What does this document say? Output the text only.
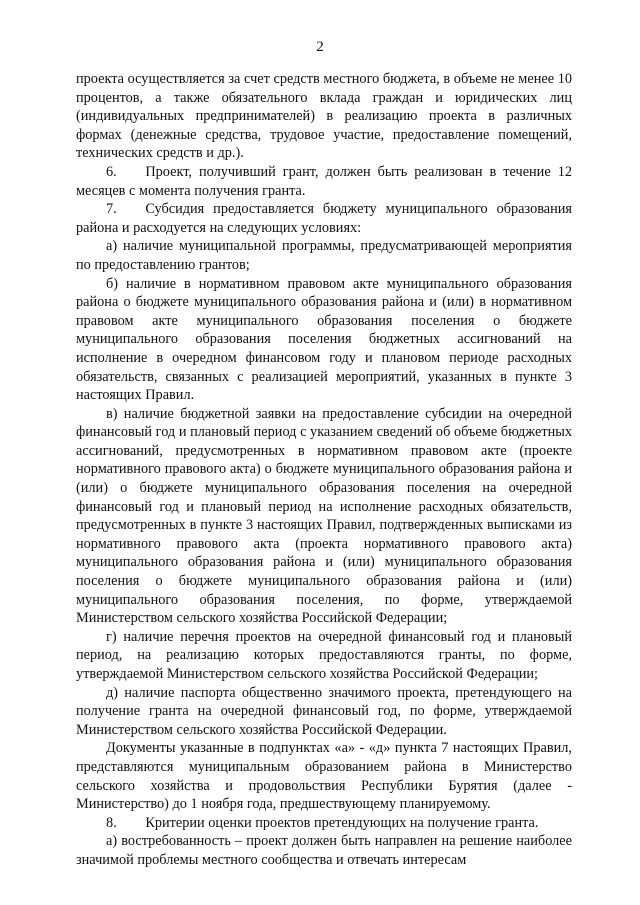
2

проекта осуществляется за счет средств местного бюджета, в объеме не менее 10 процентов, а также обязательного вклада граждан и юридических лиц (индивидуальных предпринимателей) в реализацию проекта в различных формах (денежные средства, трудовое участие, предоставление помещений, технических средств и др.).

6.  Проект, получивший грант, должен быть реализован в течение 12 месяцев с момента получения гранта.

7.  Субсидия предоставляется бюджету муниципального образования района и расходуется на следующих условиях:

а) наличие муниципальной программы, предусматривающей мероприятия по предоставлению грантов;

б) наличие в нормативном правовом акте муниципального образования района о бюджете муниципального образования района и (или) в нормативном правовом акте муниципального образования поселения о бюджете муниципального образования поселения бюджетных ассигнований на исполнение в очередном финансовом году и плановом периоде расходных обязательств, связанных с реализацией мероприятий, указанных в пункте 3 настоящих Правил.

в) наличие бюджетной заявки на предоставление субсидии на очередной финансовый год и плановый период с указанием сведений об объеме бюджетных ассигнований, предусмотренных в нормативном правовом акте (проекте нормативного правового акта) о бюджете муниципального образования района и (или) о бюджете муниципального образования поселения на очередной финансовый год и плановый период на исполнение расходных обязательств, предусмотренных в пункте 3 настоящих Правил, подтвержденных выписками из нормативного правового акта (проекта нормативного правового акта) муниципального образования района и (или) муниципального образования поселения о бюджете муниципального образования района и (или) муниципального образования поселения, по форме, утверждаемой Министерством сельского хозяйства Российской Федерации;

г) наличие перечня проектов на очередной финансовый год и плановый период, на реализацию которых предоставляются гранты, по форме, утверждаемой Министерством сельского хозяйства Российской Федерации;

д) наличие паспорта общественно значимого проекта, претендующего на получение гранта на очередной финансовый год, по форме, утверждаемой Министерством сельского хозяйства Российской Федерации.

Документы указанные в подпунктах «а» - «д» пункта 7 настоящих Правил, представляются муниципальным образованием района в Министерство сельского хозяйства и продовольствия Республики Бурятия (далее - Министерство) до 1 ноября года, предшествующему планируемому.

8.  Критерии оценки проектов претендующих на получение гранта.

а) востребованность – проект должен быть направлен на решение наиболее значимой проблемы местного сообщества и отвечать интересам
